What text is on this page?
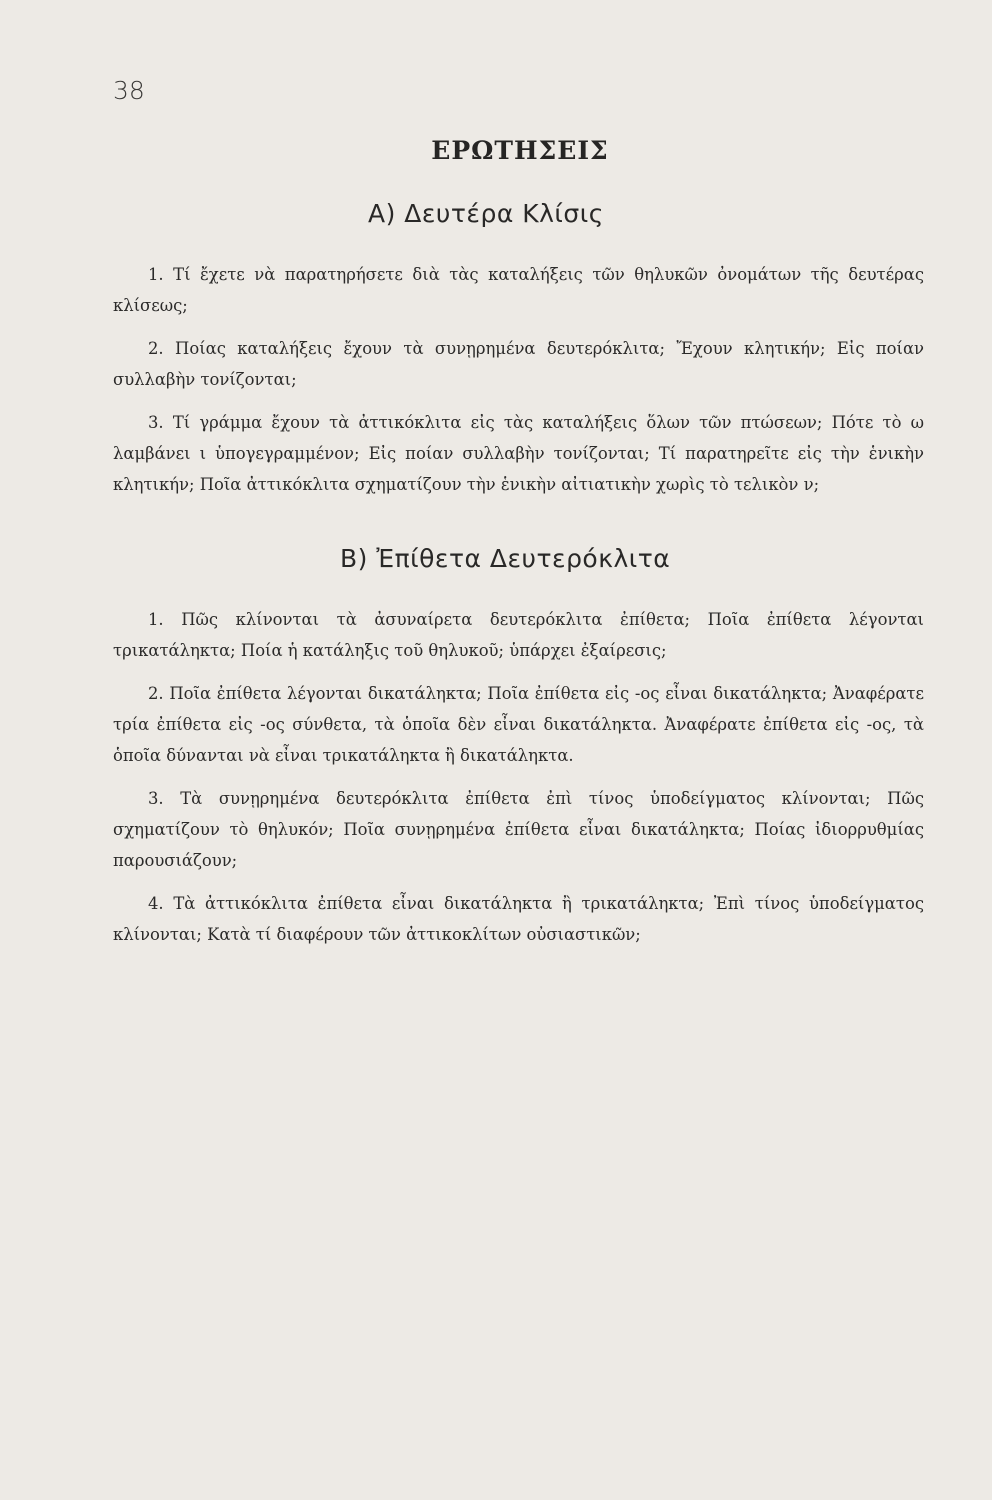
38
ΕΡΩΤΗΣΕΙΣ
Α) Δευτέρα Κλίσις

1. Τί ἔχετε νὰ παρατηρήσετε διὰ τὰς καταλήξεις τῶν θηλυκῶν ὀνομάτων τῆς δευτέρας κλίσεως;

2. Ποίας καταλήξεις ἔχουν τὰ συνῃρημένα δευτερόκλιτα; Ἔχουν κλητικήν; Εἰς ποίαν συλλαβὴν τονίζονται;

3. Τί γράμμα ἔχουν τὰ ἀττικόκλιτα εἰς τὰς καταλήξεις ὅλων τῶν πτώσεων; Πότε τὸ ω λαμβάνει ι ὑπογεγραμμένον; Εἰς ποίαν συλλαβὴν τονίζονται; Τί παρατηρεῖτε εἰς τὴν ἑνικὴν κλητικήν; Ποῖα ἀττικόκλιτα σχηματίζουν τὴν ἑνικὴν αἰτιατικὴν χωρὶς τὸ τελικὸν ν;

Β) Ἐπίθετα Δευτερόκλιτα

1. Πῶς κλίνονται τὰ ἀσυναίρετα δευτερόκλιτα ἐπίθετα; Ποῖα ἐπίθετα λέγονται τρικατάληκτα; Ποία ἡ κατάληξις τοῦ θηλυκοῦ; ὑπάρχει ἐξαίρεσις;

2. Ποῖα ἐπίθετα λέγονται δικατάληκτα; Ποῖα ἐπίθετα εἰς -ος εἶναι δικατάληκτα; Ἀναφέρατε τρία ἐπίθετα εἰς -ος σύνθετα, τὰ ὁποῖα δὲν εἶναι δικατάληκτα. Ἀναφέρατε ἐπίθετα εἰς -ος, τὰ ὁποῖα δύνανται νὰ εἶναι τρικατάληκτα ἢ δικατάληκτα.

3. Τὰ συνῃρημένα δευτερόκλιτα ἐπίθετα ἐπὶ τίνος ὑποδείγματος κλίνονται; Πῶς σχηματίζουν τὸ θηλυκόν; Ποῖα συνῃρημένα ἐπίθετα εἶναι δικατάληκτα; Ποίας ἰδιορρυθμίας παρουσιάζουν;

4. Τὰ ἀττικόκλιτα ἐπίθετα εἶναι δικατάληκτα ἢ τρικατάληκτα; Ἐπὶ τίνος ὑποδείγματος κλίνονται; Κατὰ τί διαφέρουν τῶν ἀττικοκλίτων οὐσιαστικῶν;
